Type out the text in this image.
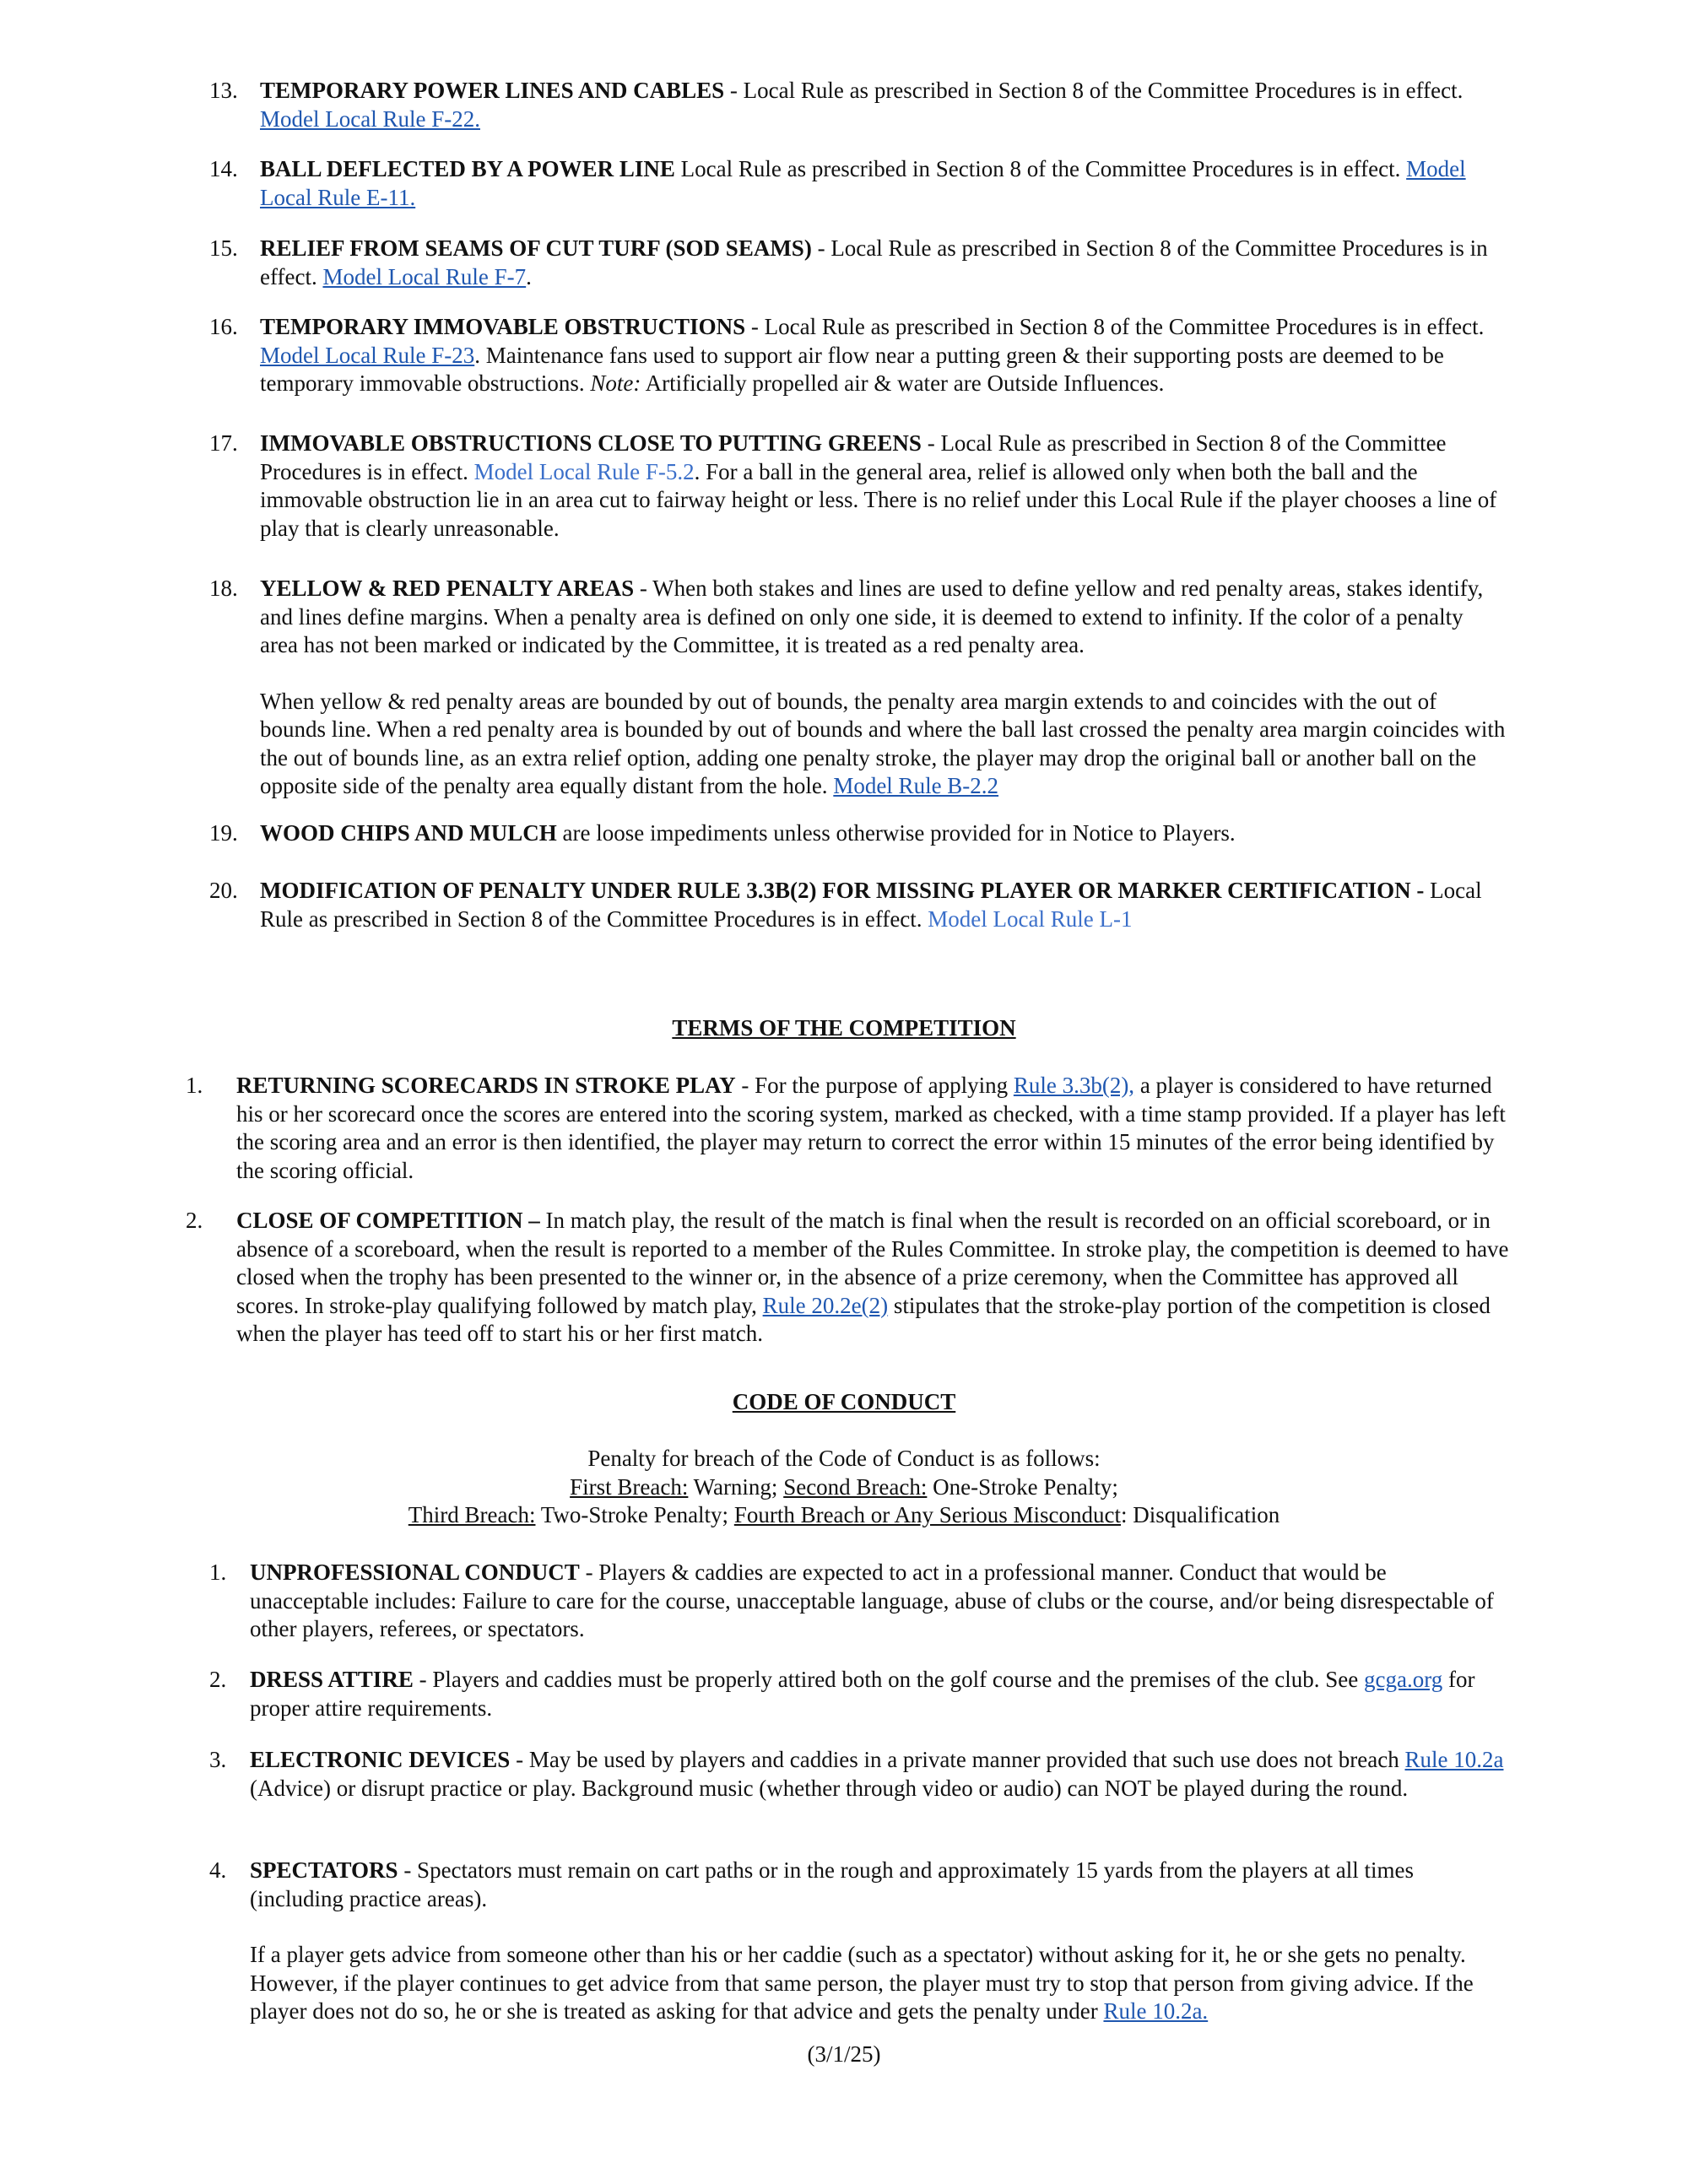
13. TEMPORARY POWER LINES AND CABLES - Local Rule as prescribed in Section 8 of the Committee Procedures is in effect. Model Local Rule F-22.
14. BALL DEFLECTED BY A POWER LINE Local Rule as prescribed in Section 8 of the Committee Procedures is in effect. Model Local Rule E-11.
15. RELIEF FROM SEAMS OF CUT TURF (SOD SEAMS) - Local Rule as prescribed in Section 8 of the Committee Procedures is in effect. Model Local Rule F-7.
16. TEMPORARY IMMOVABLE OBSTRUCTIONS - Local Rule as prescribed in Section 8 of the Committee Procedures is in effect. Model Local Rule F-23. Maintenance fans used to support air flow near a putting green & their supporting posts are deemed to be temporary immovable obstructions. Note: Artificially propelled air & water are Outside Influences.
17. IMMOVABLE OBSTRUCTIONS CLOSE TO PUTTING GREENS - Local Rule as prescribed in Section 8 of the Committee Procedures is in effect. Model Local Rule F-5.2. For a ball in the general area, relief is allowed only when both the ball and the immovable obstruction lie in an area cut to fairway height or less. There is no relief under this Local Rule if the player chooses a line of play that is clearly unreasonable.
18. YELLOW & RED PENALTY AREAS - When both stakes and lines are used to define yellow and red penalty areas, stakes identify, and lines define margins. When a penalty area is defined on only one side, it is deemed to extend to infinity. If the color of a penalty area has not been marked or indicated by the Committee, it is treated as a red penalty area.
When yellow & red penalty areas are bounded by out of bounds, the penalty area margin extends to and coincides with the out of bounds line. When a red penalty area is bounded by out of bounds and where the ball last crossed the penalty area margin coincides with the out of bounds line, as an extra relief option, adding one penalty stroke, the player may drop the original ball or another ball on the opposite side of the penalty area equally distant from the hole. Model Rule B-2.2
19. WOOD CHIPS AND MULCH are loose impediments unless otherwise provided for in Notice to Players.
20. MODIFICATION OF PENALTY UNDER RULE 3.3B(2) FOR MISSING PLAYER OR MARKER CERTIFICATION - Local Rule as prescribed in Section 8 of the Committee Procedures is in effect. Model Local Rule L-1
TERMS OF THE COMPETITION
1. RETURNING SCORECARDS IN STROKE PLAY - For the purpose of applying Rule 3.3b(2), a player is considered to have returned his or her scorecard once the scores are entered into the scoring system, marked as checked, with a time stamp provided. If a player has left the scoring area and an error is then identified, the player may return to correct the error within 15 minutes of the error being identified by the scoring official.
2. CLOSE OF COMPETITION – In match play, the result of the match is final when the result is recorded on an official scoreboard, or in absence of a scoreboard, when the result is reported to a member of the Rules Committee. In stroke play, the competition is deemed to have closed when the trophy has been presented to the winner or, in the absence of a prize ceremony, when the Committee has approved all scores. In stroke-play qualifying followed by match play, Rule 20.2e(2) stipulates that the stroke-play portion of the competition is closed when the player has teed off to start his or her first match.
CODE OF CONDUCT
Penalty for breach of the Code of Conduct is as follows:
First Breach: Warning; Second Breach: One-Stroke Penalty;
Third Breach: Two-Stroke Penalty; Fourth Breach or Any Serious Misconduct: Disqualification
1. UNPROFESSIONAL CONDUCT - Players & caddies are expected to act in a professional manner. Conduct that would be unacceptable includes: Failure to care for the course, unacceptable language, abuse of clubs or the course, and/or being disrespectable of other players, referees, or spectators.
2. DRESS ATTIRE - Players and caddies must be properly attired both on the golf course and the premises of the club. See gcga.org for proper attire requirements.
3. ELECTRONIC DEVICES - May be used by players and caddies in a private manner provided that such use does not breach Rule 10.2a (Advice) or disrupt practice or play. Background music (whether through video or audio) can NOT be played during the round.
4. SPECTATORS - Spectators must remain on cart paths or in the rough and approximately 15 yards from the players at all times (including practice areas).
If a player gets advice from someone other than his or her caddie (such as a spectator) without asking for it, he or she gets no penalty. However, if the player continues to get advice from that same person, the player must try to stop that person from giving advice. If the player does not do so, he or she is treated as asking for that advice and gets the penalty under Rule 10.2a.
(3/1/25)
